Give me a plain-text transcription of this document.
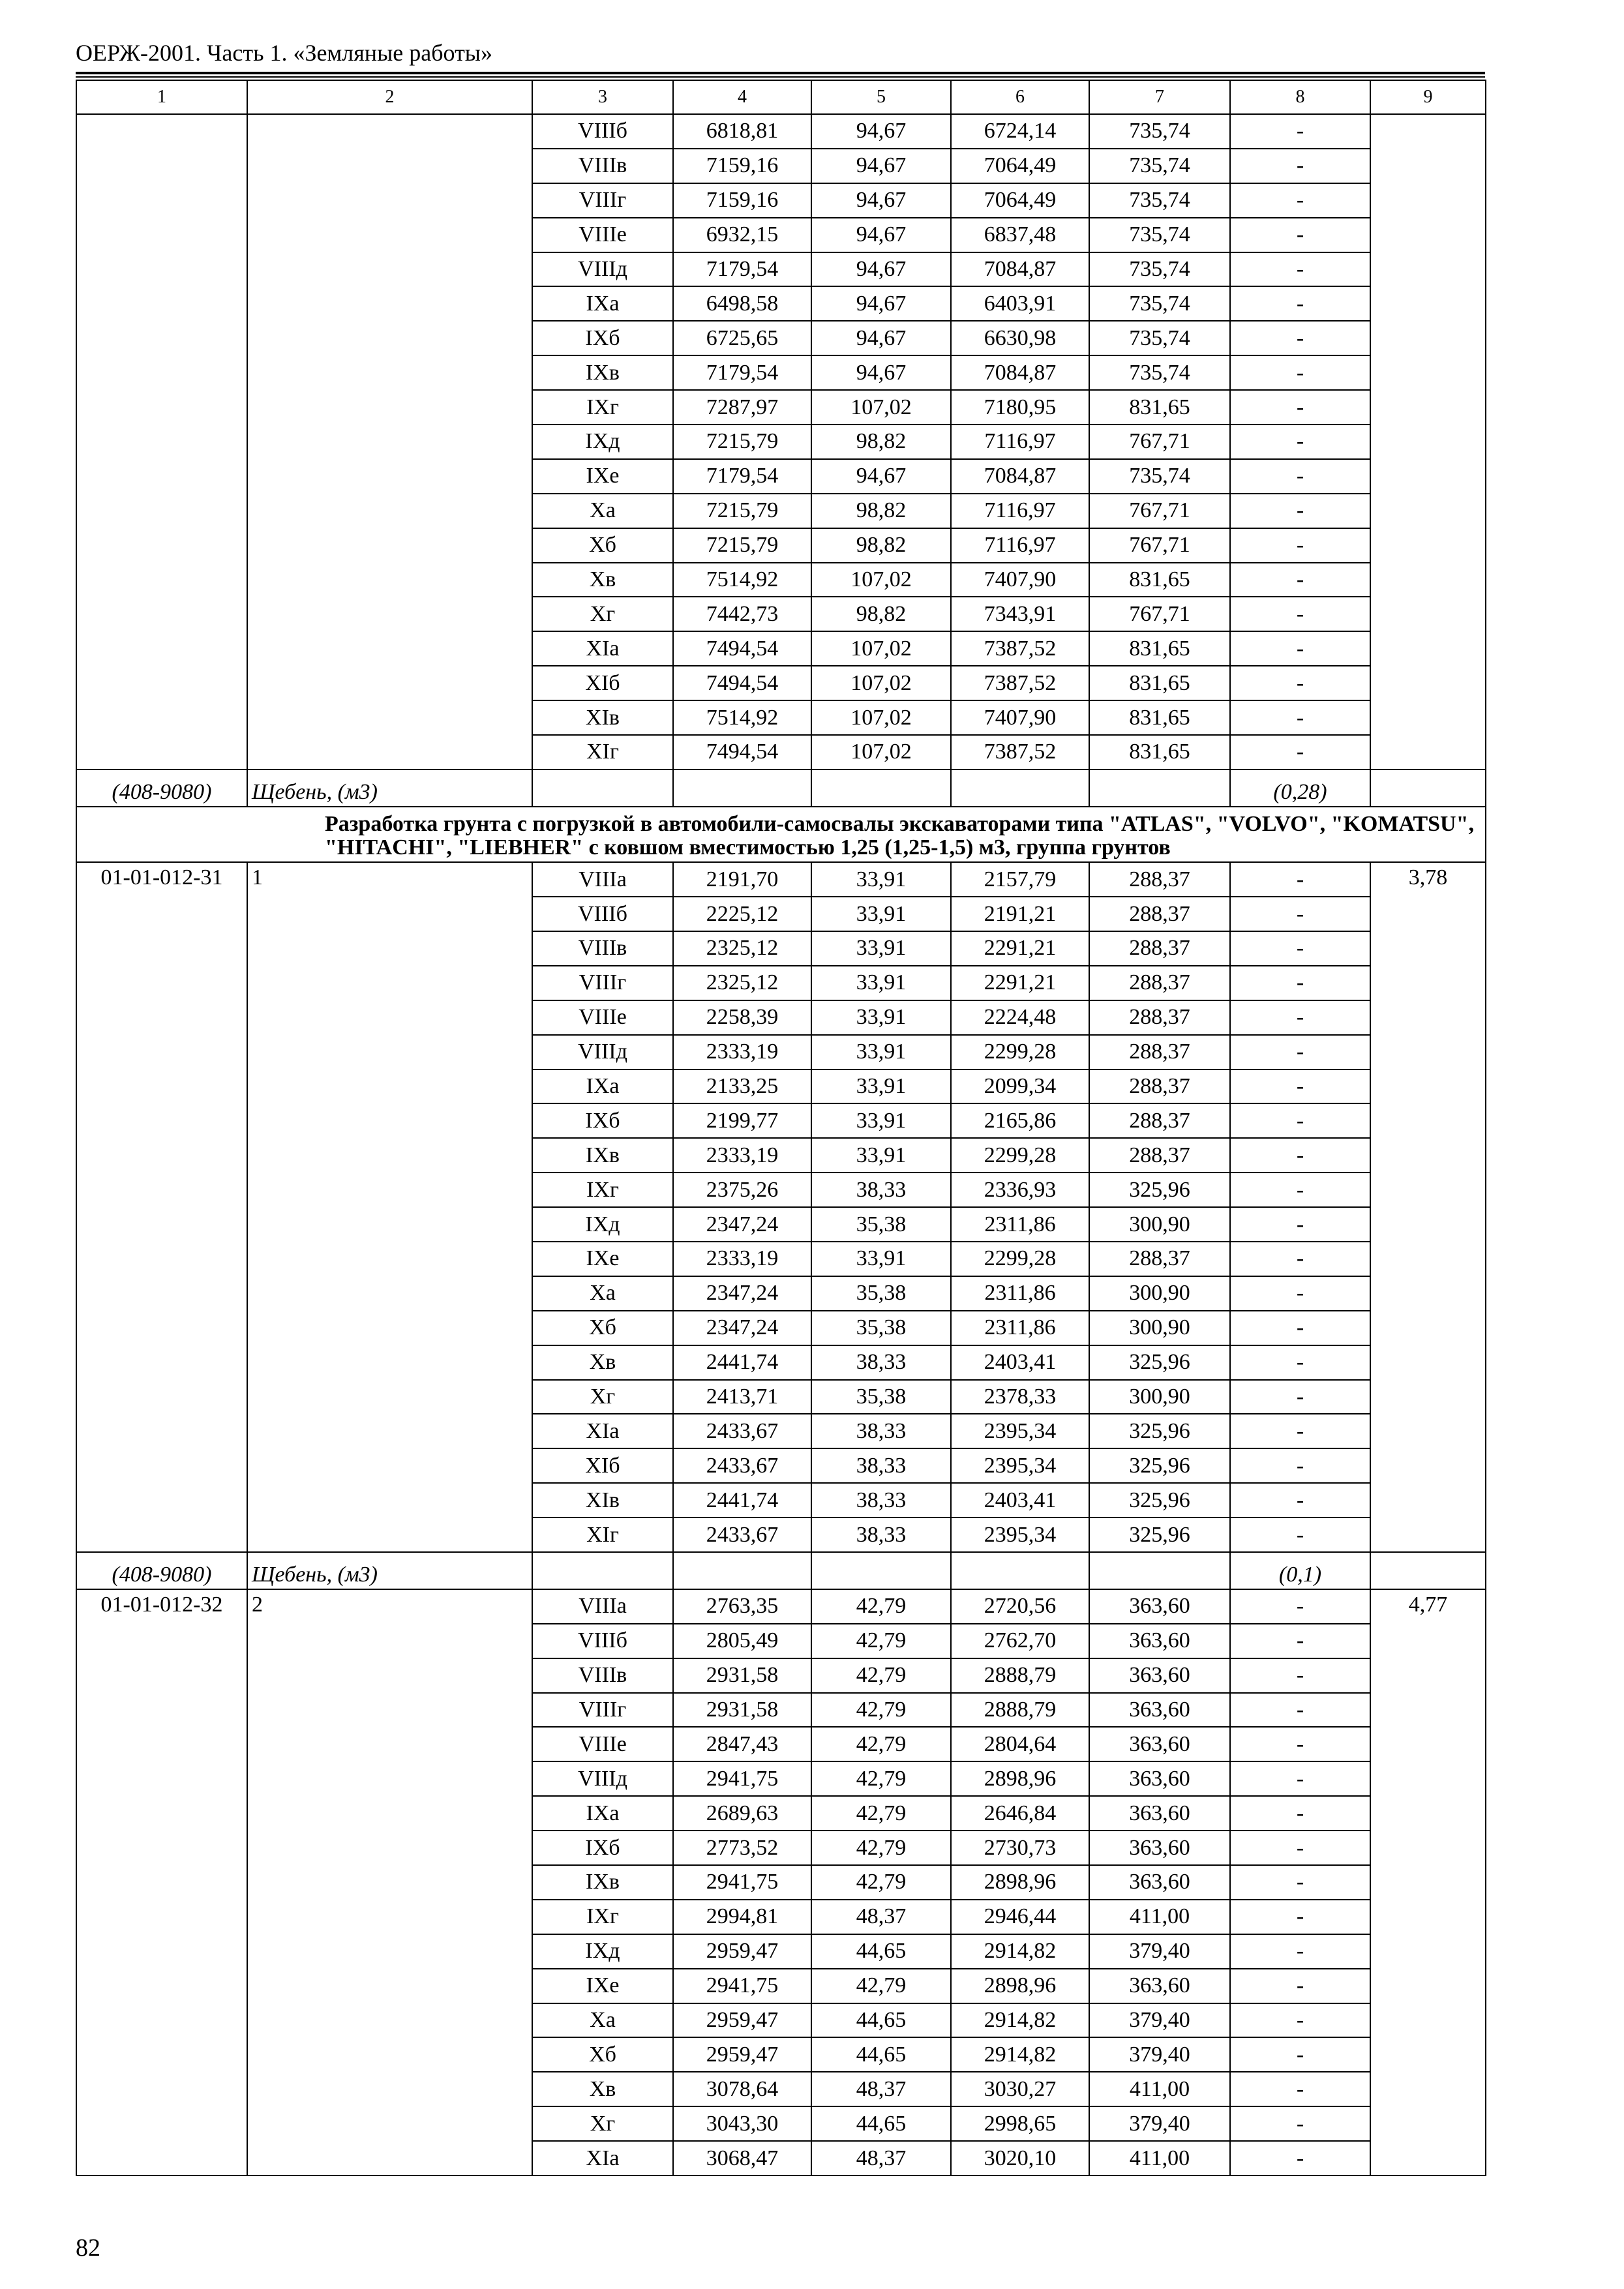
ОЕРЖ-2001. Часть 1. «Земляные работы»
1	2	3	4	5	6	7	8	9
		VIIIб	6818,81	94,67	6724,14	735,74	-	
		VIIIв	7159,16	94,67	7064,49	735,74	-	
		VIIIг	7159,16	94,67	7064,49	735,74	-	
		VIIIе	6932,15	94,67	6837,48	735,74	-	
		VIIIд	7179,54	94,67	7084,87	735,74	-	
		IXа	6498,58	94,67	6403,91	735,74	-	
		IXб	6725,65	94,67	6630,98	735,74	-	
		IXв	7179,54	94,67	7084,87	735,74	-	
		IXг	7287,97	107,02	7180,95	831,65	-	
		IXд	7215,79	98,82	7116,97	767,71	-	
		IXе	7179,54	94,67	7084,87	735,74	-	
		Xа	7215,79	98,82	7116,97	767,71	-	
		Xб	7215,79	98,82	7116,97	767,71	-	
		Xв	7514,92	107,02	7407,90	831,65	-	
		Xг	7442,73	98,82	7343,91	767,71	-	
		XIа	7494,54	107,02	7387,52	831,65	-	
		XIб	7494,54	107,02	7387,52	831,65	-	
		XIв	7514,92	107,02	7407,90	831,65	-	
		XIг	7494,54	107,02	7387,52	831,65	-	
(408-9080)	Щебень, (м3)						(0,28)	
Разработка грунта с погрузкой в автомобили-самосвалы экскаваторами типа "ATLAS", "VOLVO", "KOMATSU", "HITACHI", "LIEBHER" с ковшом вместимостью 1,25 (1,25-1,5) м3, группа грунтов								
01-01-012-31	1	VIIIа	2191,70	33,91	2157,79	288,37	-	3,78
		VIIIб	2225,12	33,91	2191,21	288,37	-	
		VIIIв	2325,12	33,91	2291,21	288,37	-	
		VIIIг	2325,12	33,91	2291,21	288,37	-	
		VIIIе	2258,39	33,91	2224,48	288,37	-	
		VIIIд	2333,19	33,91	2299,28	288,37	-	
		IXа	2133,25	33,91	2099,34	288,37	-	
		IXб	2199,77	33,91	2165,86	288,37	-	
		IXв	2333,19	33,91	2299,28	288,37	-	
		IXг	2375,26	38,33	2336,93	325,96	-	
		IXд	2347,24	35,38	2311,86	300,90	-	
		IXе	2333,19	33,91	2299,28	288,37	-	
		Xа	2347,24	35,38	2311,86	300,90	-	
		Xб	2347,24	35,38	2311,86	300,90	-	
		Xв	2441,74	38,33	2403,41	325,96	-	
		Xг	2413,71	35,38	2378,33	300,90	-	
		XIа	2433,67	38,33	2395,34	325,96	-	
		XIб	2433,67	38,33	2395,34	325,96	-	
		XIв	2441,74	38,33	2403,41	325,96	-	
		XIг	2433,67	38,33	2395,34	325,96	-	
(408-9080)	Щебень, (м3)						(0,1)	
01-01-012-32	2	VIIIа	2763,35	42,79	2720,56	363,60	-	4,77
		VIIIб	2805,49	42,79	2762,70	363,60	-	
		VIIIв	2931,58	42,79	2888,79	363,60	-	
		VIIIг	2931,58	42,79	2888,79	363,60	-	
		VIIIе	2847,43	42,79	2804,64	363,60	-	
		VIIIд	2941,75	42,79	2898,96	363,60	-	
		IXа	2689,63	42,79	2646,84	363,60	-	
		IXб	2773,52	42,79	2730,73	363,60	-	
		IXв	2941,75	42,79	2898,96	363,60	-	
		IXг	2994,81	48,37	2946,44	411,00	-	
		IXд	2959,47	44,65	2914,82	379,40	-	
		IXе	2941,75	42,79	2898,96	363,60	-	
		Xа	2959,47	44,65	2914,82	379,40	-	
		Xб	2959,47	44,65	2914,82	379,40	-	
		Xв	3078,64	48,37	3030,27	411,00	-	
		Xг	3043,30	44,65	2998,65	379,40	-	
		XIа	3068,47	48,37	3020,10	411,00	-	
82
